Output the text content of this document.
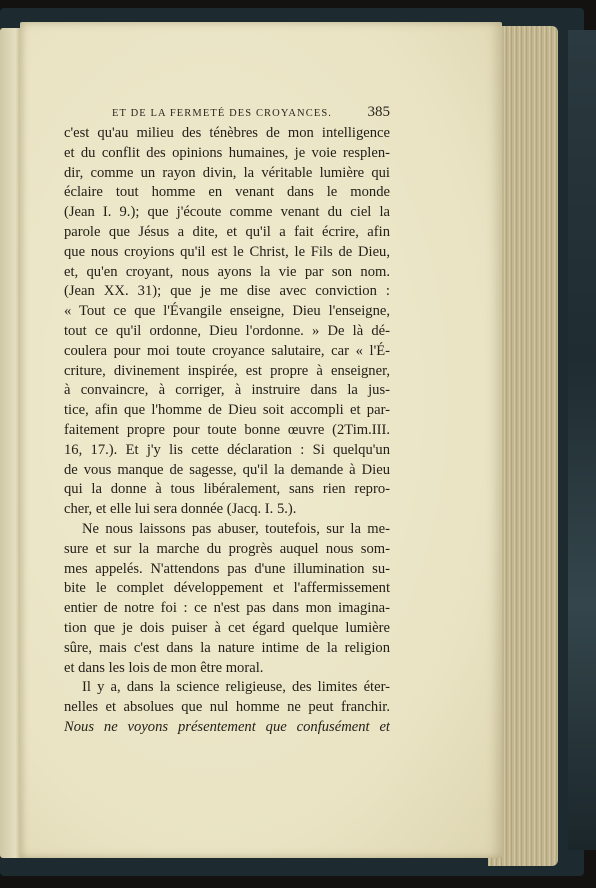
ET DE LA FERMETÉ DES CROYANCES. 385
c'est qu'au milieu des ténèbres de mon intelligence
et du conflit des opinions humaines, je voie resplen-
dir, comme un rayon divin, la véritable lumière qui
éclaire tout homme en venant dans le monde
(Jean I. 9.); que j'écoute comme venant du ciel la
parole que Jésus a dite, et qu'il a fait écrire, afin
que nous croyions qu'il est le Christ, le Fils de Dieu,
et, qu'en croyant, nous ayons la vie par son nom.
(Jean XX. 31); que je me dise avec conviction :
« Tout ce que l'Évangile enseigne, Dieu l'enseigne,
tout ce qu'il ordonne, Dieu l'ordonne. » De là dé-
coulera pour moi toute croyance salutaire, car « l'É-
criture, divinement inspirée, est propre à enseigner,
à convaincre, à corriger, à instruire dans la jus-
tice, afin que l'homme de Dieu soit accompli et par-
faitement propre pour toute bonne œuvre (2Tim.III.
16, 17.). Et j'y lis cette déclaration : Si quelqu'un
de vous manque de sagesse, qu'il la demande à Dieu
qui la donne à tous libéralement, sans rien repro-
cher, et elle lui sera donnée (Jacq. I. 5.).
Ne nous laissons pas abuser, toutefois, sur la me-
sure et sur la marche du progrès auquel nous som-
mes appelés. N'attendons pas d'une illumination su-
bite le complet développement et l'affermissement
entier de notre foi : ce n'est pas dans mon imagina-
tion que je dois puiser à cet égard quelque lumière
sûre, mais c'est dans la nature intime de la religion
et dans les lois de mon être moral.
Il y a, dans la science religieuse, des limites éter-
nelles et absolues que nul homme ne peut franchir.
Nous ne voyons présentement que confusément et
